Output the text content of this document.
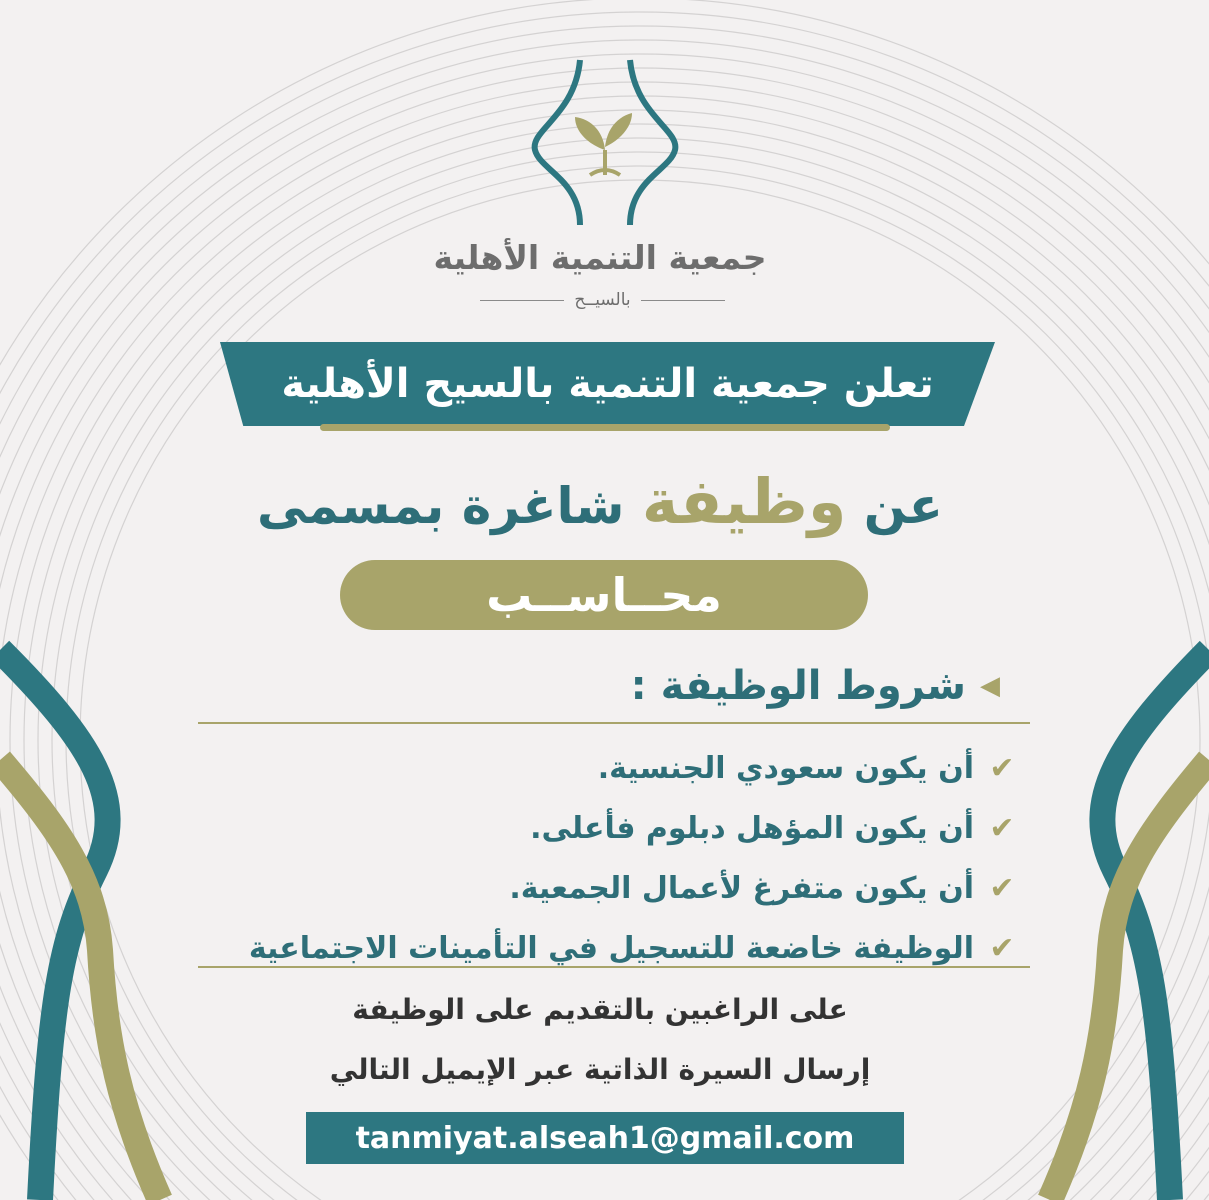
جمعية التنمية الأهلية
بالسيــح
تعلن جمعية التنمية بالسيح الأهلية
عن وظيفة شاغرة بمسمى
محــاســب
◀
شروط الوظيفة :
✔
أن يكون سعودي الجنسية.
✔
أن يكون المؤهل دبلوم فأعلى.
✔
أن يكون متفرغ لأعمال الجمعية.
✔
الوظيفة خاضعة للتسجيل في التأمينات الاجتماعية
على الراغبين بالتقديم على الوظيفة
إرسال السيرة الذاتية عبر الإيميل التالي
tanmiyat.alseah1@gmail.com
